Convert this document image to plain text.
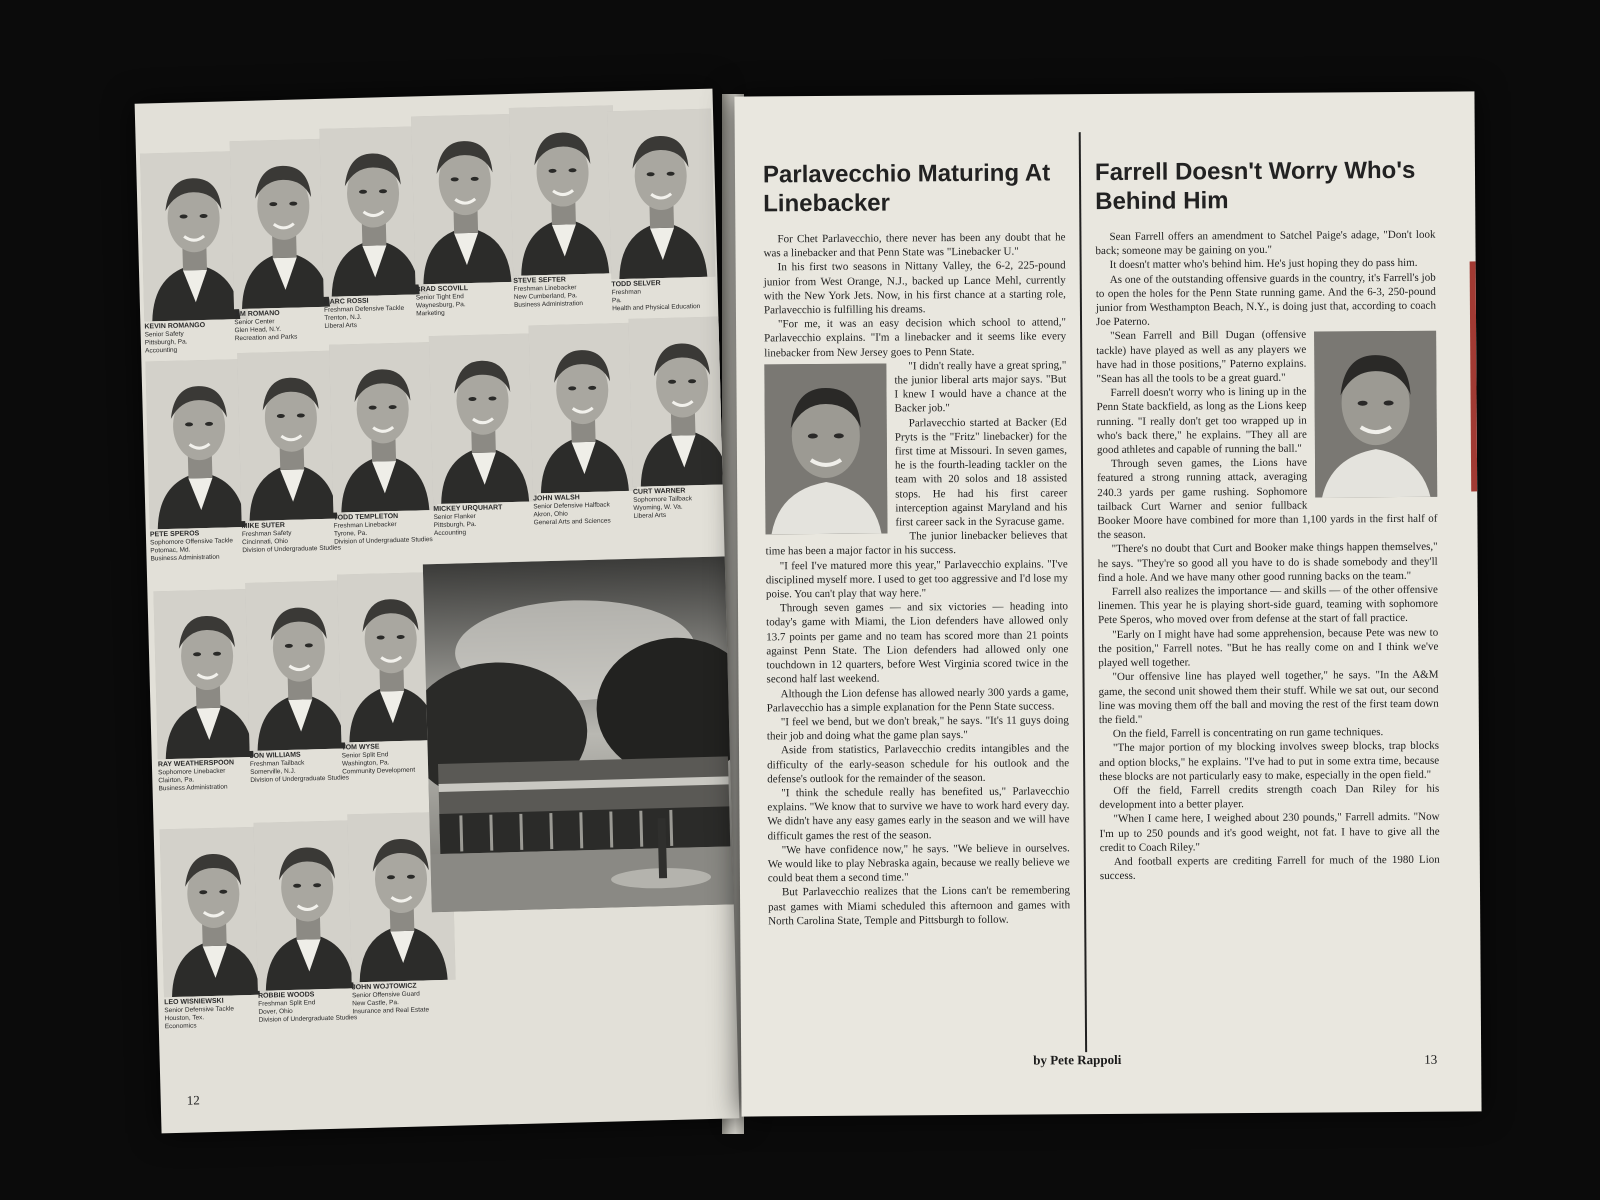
KEVIN ROMANGO
Senior Safety
Pittsburgh, Pa.
Accounting
JIM ROMANO
Senior Center
Glen Head, N.Y.
Recreation and Parks
MARC ROSSI
Freshman Defensive Tackle
Trenton, N.J.
Liberal Arts
BRAD SCOVILL
Senior Tight End
Waynesburg, Pa.
Marketing
STEVE SEFTER
Freshman Linebacker
New Cumberland, Pa.
Business Administration
TODD SELVER
Freshman
Pa.
Health and Physical Education
PETE SPEROS
Sophomore Offensive Tackle
Potomac, Md.
Business Administration
MIKE SUTER
Freshman Safety
Cincinnati, Ohio
Division of Undergraduate Studies
TODD TEMPLETON
Freshman Linebacker
Tyrone, Pa.
Division of Undergraduate Studies
MICKEY URQUHART
Senior Flanker
Pittsburgh, Pa.
Accounting
JOHN WALSH
Senior Defensive Halfback
Akron, Ohio
General Arts and Sciences
CURT WARNER
Sophomore Tailback
Wyoming, W. Va.
Liberal Arts
RAY WEATHERSPOON
Sophomore Linebacker
Clairton, Pa.
Business Administration
JON WILLIAMS
Freshman Tailback
Somerville, N.J.
Division of Undergraduate Studies
TOM WYSE
Senior Split End
Washington, Pa.
Community Development
LEO WISNIEWSKI
Senior Defensive Tackle
Houston, Tex.
Economics
ROBBIE WOODS
Freshman Split End
Dover, Ohio
Division of Undergraduate Studies
JOHN WOJTOWICZ
Senior Offensive Guard
New Castle, Pa.
Insurance and Real Estate
12
Parlavecchio Maturing At Linebacker

For Chet Parlavecchio, there never has been any doubt that he was a linebacker and that Penn State was "Linebacker U."

In his first two seasons in Nittany Valley, the 6-2, 225-pound junior from West Orange, N.J., backed up Lance Mehl, currently with the New York Jets. Now, in his first chance at a starting role, Parlavecchio is fulfilling his dreams.

"For me, it was an easy decision which school to attend," Parlavecchio explains. "I'm a linebacker and it seems like every linebacker from New Jersey goes to Penn State.

"I didn't really have a great spring," the junior liberal arts major says. "But I knew I would have a chance at the Backer job."

Parlavecchio started at Backer (Ed Pryts is the "Fritz" linebacker) for the first time at Missouri. In seven games, he is the fourth-leading tackler on the team with 20 solos and 18 assisted stops. He had his first career interception against Maryland and his first career sack in the Syracuse game.

The junior linebacker believes that time has been a major factor in his success.

"I feel I've matured more this year," Parlavecchio explains. "I've disciplined myself more. I used to get too aggressive and I'd lose my poise. You can't play that way here."

Through seven games — and six victories — heading into today's game with Miami, the Lion defenders have allowed only 13.7 points per game and no team has scored more than 21 points against Penn State. The Lion defenders had allowed only one touchdown in 12 quarters, before West Virginia scored twice in the second half last weekend.

Although the Lion defense has allowed nearly 300 yards a game, Parlavecchio has a simple explanation for the Penn State success.

"I feel we bend, but we don't break," he says. "It's 11 guys doing their job and doing what the game plan says."

Aside from statistics, Parlavecchio credits intangibles and the difficulty of the early-season schedule for his outlook and the defense's outlook for the remainder of the season.

"I think the schedule really has benefited us," Parlavecchio explains. "We know that to survive we have to work hard every day. We didn't have any easy games early in the season and we will have difficult games the rest of the season.

"We have confidence now," he says. "We believe in ourselves. We would like to play Nebraska again, because we really believe we could beat them a second time."

But Parlavecchio realizes that the Lions can't be remembering past games with Miami scheduled this afternoon and games with North Carolina State, Temple and Pittsburgh to follow.

Farrell Doesn't Worry Who's Behind Him

Sean Farrell offers an amendment to Satchel Paige's adage, "Don't look back; someone may be gaining on you."

It doesn't matter who's behind him. He's just hoping they do pass him.

As one of the outstanding offensive guards in the country, it's Farrell's job to open the holes for the Penn State running game. And the 6-3, 250-pound junior from Westhampton Beach, N.Y., is doing just that, according to coach Joe Paterno.

"Sean Farrell and Bill Dugan (offensive tackle) have played as well as any players we have had in those positions," Paterno explains. "Sean has all the tools to be a great guard."

Farrell doesn't worry who is lining up in the Penn State backfield, as long as the Lions keep running. "I really don't get too wrapped up in who's back there," he explains. "They all are good athletes and capable of running the ball."

Through seven games, the Lions have featured a strong running attack, averaging 240.3 yards per game rushing. Sophomore tailback Curt Warner and senior fullback Booker Moore have combined for more than 1,100 yards in the first half of the season.

"There's no doubt that Curt and Booker make things happen themselves," he says. "They're so good all you have to do is shade somebody and they'll find a hole. And we have many other good running backs on the team."

Farrell also realizes the importance — and skills — of the other offensive linemen. This year he is playing short-side guard, teaming with sophomore Pete Speros, who moved over from defense at the start of fall practice.

"Early on I might have had some apprehension, because Pete was new to the position," Farrell notes. "But he has really come on and I think we've played well together.

"Our offensive line has played well together," he says. "In the A&M game, the second unit showed them their stuff. While we sat out, our second line was moving them off the ball and moving the rest of the first team down the field."

On the field, Farrell is concentrating on run game techniques.

"The major portion of my blocking involves sweep blocks, trap blocks and option blocks," he explains. "I've had to put in some extra time, because these blocks are not particularly easy to make, especially in the open field."

Off the field, Farrell credits strength coach Dan Riley for his development into a better player.

"When I came here, I weighed about 230 pounds," Farrell admits. "Now I'm up to 250 pounds and it's good weight, not fat. I have to give all the credit to Coach Riley."

And football experts are crediting Farrell for much of the 1980 Lion success.

by Pete Rappoli	13
